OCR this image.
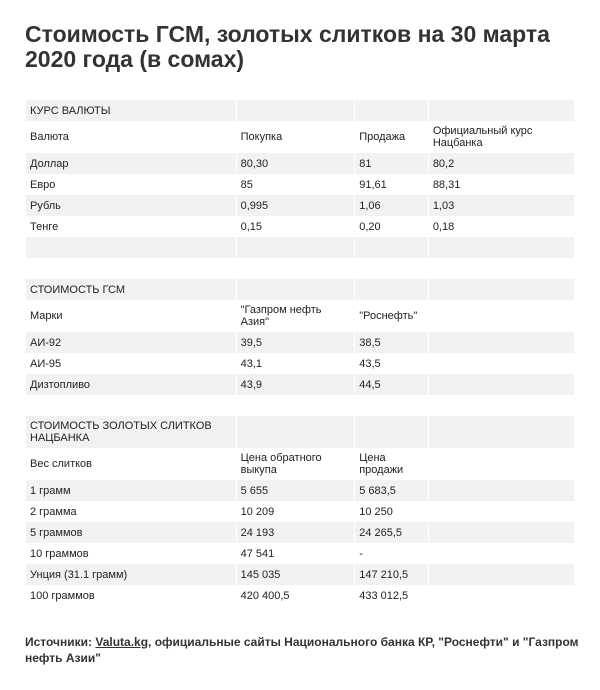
Стоимость ГСМ, золотых слитков на 30 марта 2020 года (в сомах)
КУРС ВАЛЮТЫ			
Валюта	Покупка	Продажа	Официальный курс Нацбанка
Доллар	80,30	81	80,2
Евро	85	91,61	88,31
Рубль	0,995	1,06	1,03
Тенге	0,15	0,20	0,18

СТОИМОСТЬ ГСМ			
Марки	"Газпром нефть Азия"	"Роснефть"	
АИ-92	39,5	38,5	
АИ-95	43,1	43,5	
Дизтопливо	43,9	44,5	
СТОИМОСТЬ ЗОЛОТЫХ СЛИТКОВ НАЦБАНКА			
Вес слитков	Цена обратного выкупа	Цена продажи	
1 грамм	5 655	5 683,5	
2 грамма	10 209	10 250	
5 граммов	24 193	24 265,5	
10 граммов	47 541	-	
Унция (31.1 грамм)	145 035	147 210,5	
100 граммов	420 400,5	433 012,5	
Источники: Valuta.kg, официальные сайты Национального банка КР, "Роснефти" и "Газпром нефть Азии"
